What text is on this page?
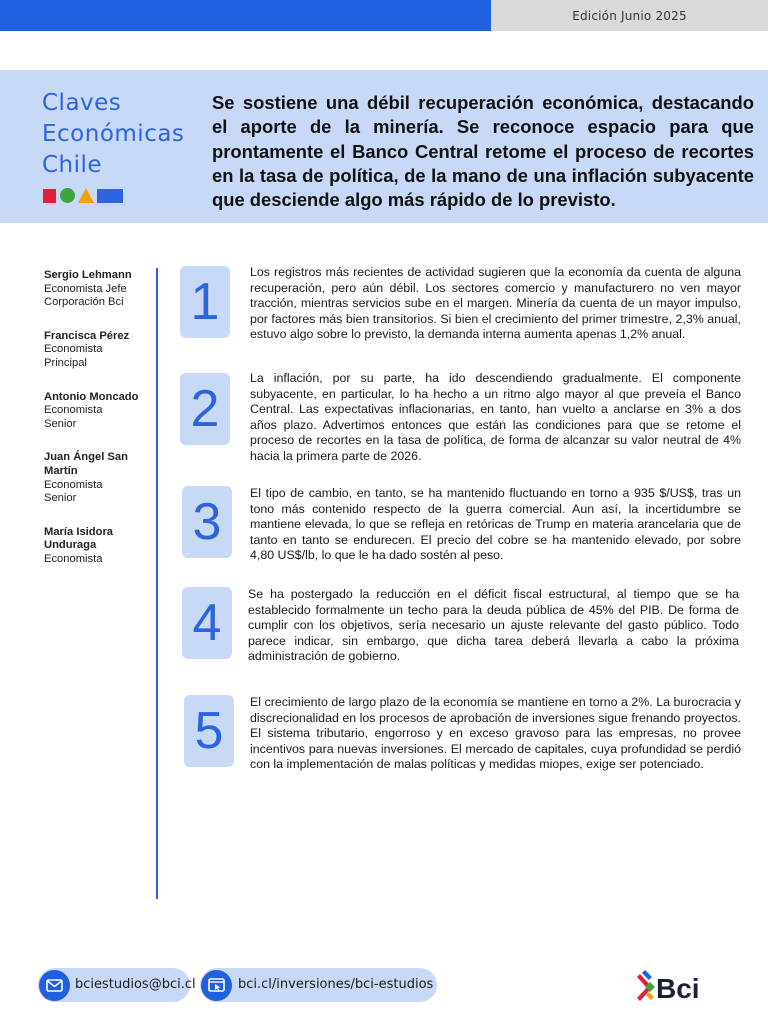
Edición Junio 2025
Claves
Económicas
Chile
Se sostiene una débil recuperación económica, destacando el aporte de la minería. Se reconoce espacio para que prontamente el Banco Central retome el proceso de recortes en la tasa de política, de la mano de una inflación subyacente que desciende algo más rápido de lo previsto.
Sergio Lehmann
Economista Jefe
Corporación Bci
Francisca Pérez
Economista
Principal
Antonio Moncado
Economista
Senior
Juan Ángel San Martín
Economista
Senior
María Isidora Unduraga
Economista
1
Los registros más recientes de actividad sugieren que la economía da cuenta de alguna recuperación, pero aún débil. Los sectores comercio y manufacturero no ven mayor tracción, mientras servicios sube en el margen. Minería da cuenta de un mayor impulso, por factores más bien transitorios. Si bien el crecimiento del primer trimestre, 2,3% anual, estuvo algo sobre lo previsto, la demanda interna aumenta apenas 1,2% anual.
2
La inflación, por su parte, ha ido descendiendo gradualmente. El componente subyacente, en particular, lo ha hecho a un ritmo algo mayor al que preveía el Banco Central. Las expectativas inflacionarias, en tanto, han vuelto a anclarse en 3% a dos años plazo. Advertimos entonces que están las condiciones para que se retome el proceso de recortes en la tasa de política, de forma de alcanzar su valor neutral de 4% hacia la primera parte de 2026.
3	El tipo de cambio, en tanto, se ha mantenido fluctuando en torno a 935 $/US$, tras un tono más contenido respecto de la guerra comercial. Aun así, la incertidumbre se mantiene elevada, lo que se refleja en retóricas de Trump en materia arancelaria que de tanto en tanto se endurecen. El precio del cobre se ha mantenido elevado, por sobre 4,80 US$/lb, lo que le ha dado sostén al peso.
4	Se ha postergado la reducción en el déficit fiscal estructural, al tiempo que se ha establecido formalmente un techo para la deuda pública de 45% del PIB. De forma de cumplir con los objetivos, sería necesario un ajuste relevante del gasto público. Todo parece indicar, sin embargo, que dicha tarea deberá llevarla a cabo la próxima administración de gobierno.
5	El crecimiento de largo plazo de la economía se mantiene en torno a 2%. La burocracia y discrecionalidad en los procesos de aprobación de inversiones sigue frenando proyectos. El sistema tributario, engorroso y en exceso gravoso para las empresas, no provee incentivos para nuevas inversiones. El mercado de capitales, cuya profundidad se perdió con la implementación de malas políticas y medidas miopes, exige ser potenciado.
bciestudios@bci.cl	bci.cl/inversiones/bci-estudios	Bci
